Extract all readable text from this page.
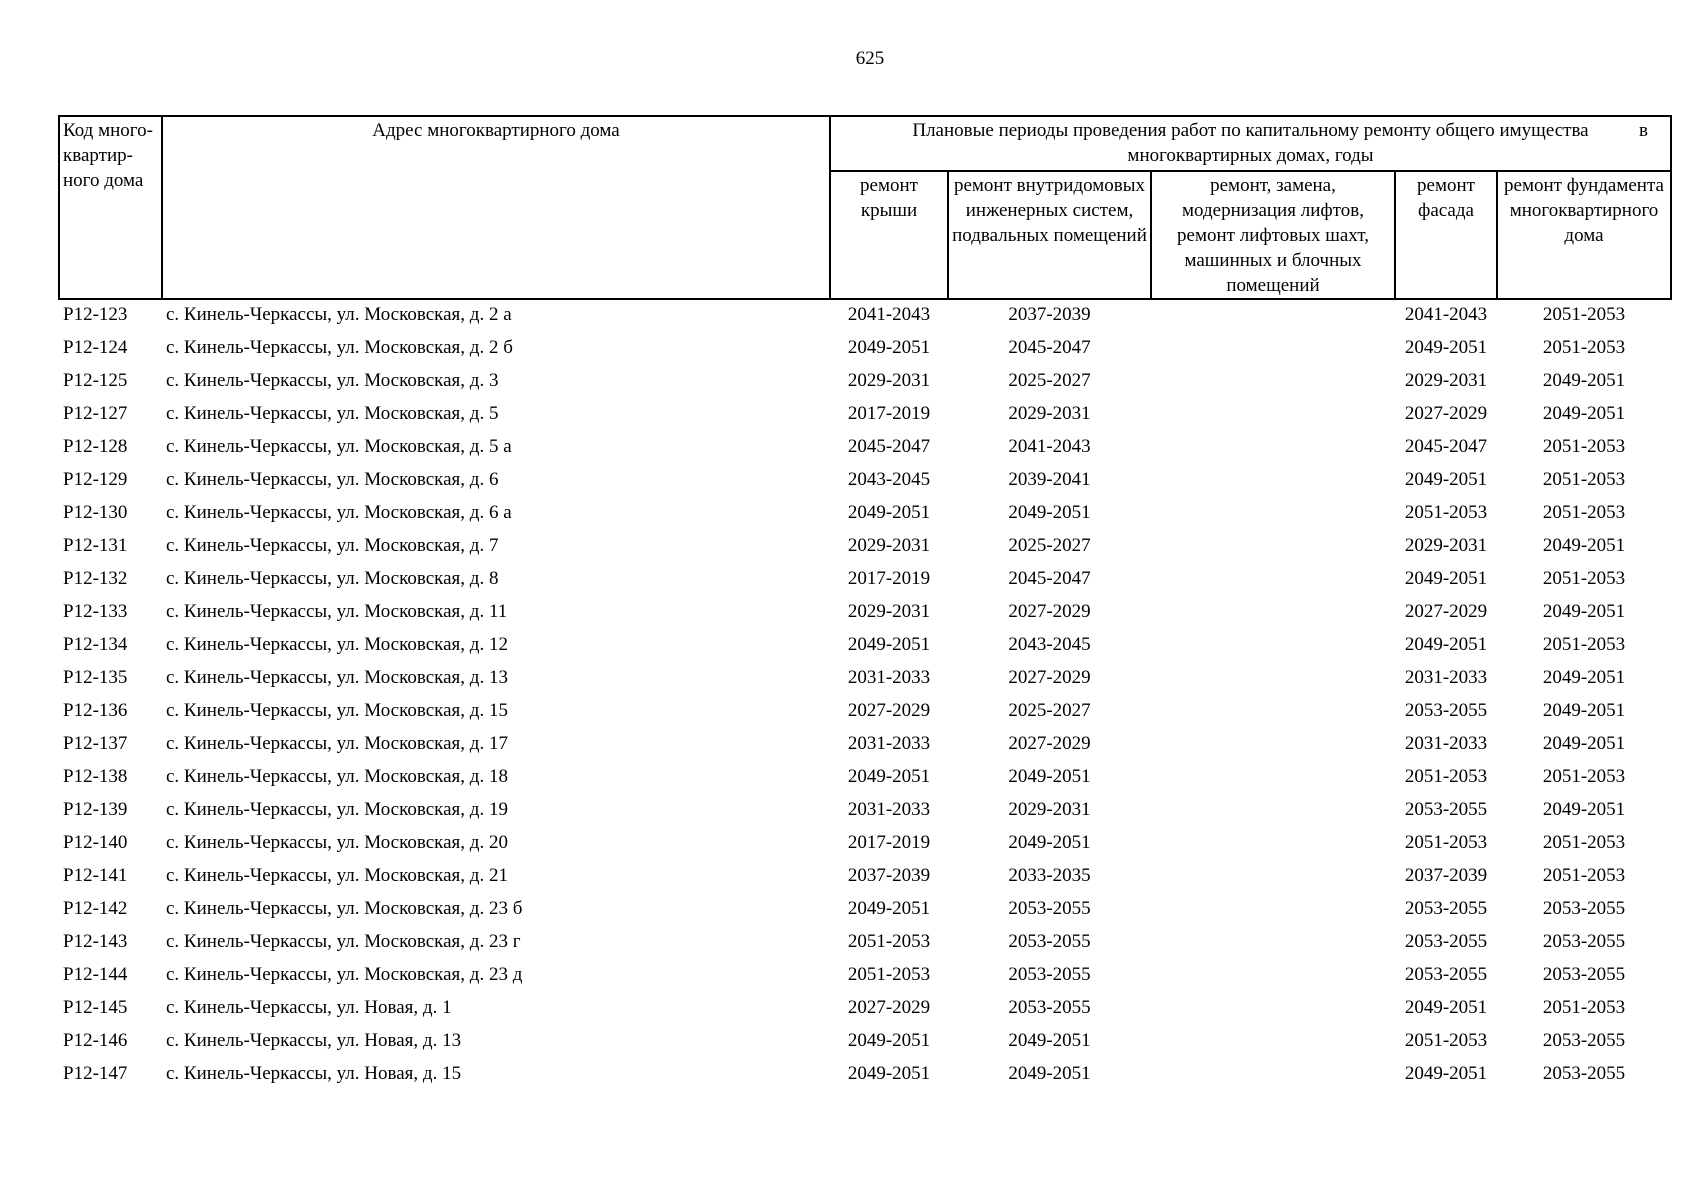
625
Код много-квартир-ного дома	Адрес многоквартирного дома	Плановые периоды проведения работ по капитальному ремонту общего имущества в
многоквартирных домах, годы				

		ремонт крыши	ремонт внутридомовых инженерных систем, подвальных помещений	ремонт, замена, модернизация лифтов, ремонт лифтовых шахт, машинных и блочных помещений	ремонт фасада	ремонт фундамента многоквартирного дома
Р12-123	с. Кинель-Черкассы, ул. Московская, д. 2 а	2041-2043	2037-2039		2041-2043	2051-2053
Р12-124	с. Кинель-Черкассы, ул. Московская, д. 2 б	2049-2051	2045-2047		2049-2051	2051-2053
Р12-125	с. Кинель-Черкассы, ул. Московская, д. 3	2029-2031	2025-2027		2029-2031	2049-2051
Р12-127	с. Кинель-Черкассы, ул. Московская, д. 5	2017-2019	2029-2031		2027-2029	2049-2051
Р12-128	с. Кинель-Черкассы, ул. Московская, д. 5 а	2045-2047	2041-2043		2045-2047	2051-2053
Р12-129	с. Кинель-Черкассы, ул. Московская, д. 6	2043-2045	2039-2041		2049-2051	2051-2053
Р12-130	с. Кинель-Черкассы, ул. Московская, д. 6 а	2049-2051	2049-2051		2051-2053	2051-2053
Р12-131	с. Кинель-Черкассы, ул. Московская, д. 7	2029-2031	2025-2027		2029-2031	2049-2051
Р12-132	с. Кинель-Черкассы, ул. Московская, д. 8	2017-2019	2045-2047		2049-2051	2051-2053
Р12-133	с. Кинель-Черкассы, ул. Московская, д. 11	2029-2031	2027-2029		2027-2029	2049-2051
Р12-134	с. Кинель-Черкассы, ул. Московская, д. 12	2049-2051	2043-2045		2049-2051	2051-2053
Р12-135	с. Кинель-Черкассы, ул. Московская, д. 13	2031-2033	2027-2029		2031-2033	2049-2051
Р12-136	с. Кинель-Черкассы, ул. Московская, д. 15	2027-2029	2025-2027		2053-2055	2049-2051
Р12-137	с. Кинель-Черкассы, ул. Московская, д. 17	2031-2033	2027-2029		2031-2033	2049-2051
Р12-138	с. Кинель-Черкассы, ул. Московская, д. 18	2049-2051	2049-2051		2051-2053	2051-2053
Р12-139	с. Кинель-Черкассы, ул. Московская, д. 19	2031-2033	2029-2031		2053-2055	2049-2051
Р12-140	с. Кинель-Черкассы, ул. Московская, д. 20	2017-2019	2049-2051		2051-2053	2051-2053
Р12-141	с. Кинель-Черкассы, ул. Московская, д. 21	2037-2039	2033-2035		2037-2039	2051-2053
Р12-142	с. Кинель-Черкассы, ул. Московская, д. 23 б	2049-2051	2053-2055		2053-2055	2053-2055
Р12-143	с. Кинель-Черкассы, ул. Московская, д. 23 г	2051-2053	2053-2055		2053-2055	2053-2055
Р12-144	с. Кинель-Черкассы, ул. Московская, д. 23 д	2051-2053	2053-2055		2053-2055	2053-2055
Р12-145	с. Кинель-Черкассы, ул. Новая, д. 1	2027-2029	2053-2055		2049-2051	2051-2053
Р12-146	с. Кинель-Черкассы, ул. Новая, д. 13	2049-2051	2049-2051		2051-2053	2053-2055
Р12-147	с. Кинель-Черкассы, ул. Новая, д. 15	2049-2051	2049-2051		2049-2051	2053-2055
